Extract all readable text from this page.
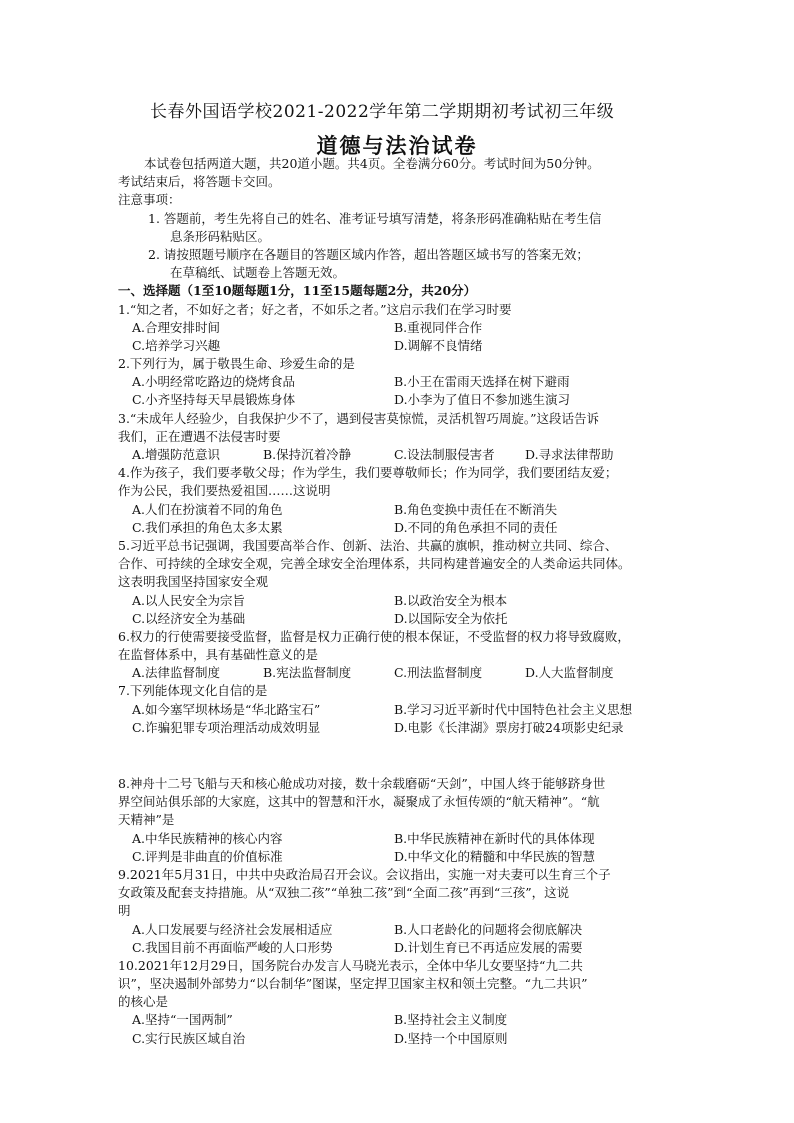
长春外国语学校2021-2022学年第二学期期初考试初三年级
道德与法治试卷
本试卷包括两道大题，共20道小题。共4页。全卷满分60分。考试时间为50分钟。
考试结束后，将答题卡交回。
注意事项：
1. 答题前，考生先将自己的姓名、准考证号填写清楚，将条形码准确粘贴在考生信
息条形码粘贴区。
2. 请按照题号顺序在各题目的答题区域内作答，超出答题区域书写的答案无效；
在草稿纸、试题卷上答题无效。
一、选择题（1至10题每题1分，11至15题每题2分，共20分）
1.“知之者，不如好之者；好之者，不如乐之者。”这启示我们在学习时要
A.合理安排时间	B.重视同伴合作
C.培养学习兴趣	D.调解不良情绪
2.下列行为，属于敬畏生命、珍爱生命的是
A.小明经常吃路边的烧烤食品	B.小王在雷雨天选择在树下避雨
C.小齐坚持每天早晨锻炼身体	D.小李为了值日不参加逃生演习
3.“未成年人经验少，自我保护少不了，遇到侵害莫惊慌，灵活机智巧周旋。”这段话告诉
我们，正在遭遇不法侵害时要
A.增强防范意识	B.保持沉着冷静	C.设法制服侵害者	D.寻求法律帮助
4.作为孩子，我们要孝敬父母；作为学生，我们要尊敬师长；作为同学，我们要团结友爱；
作为公民，我们要热爱祖国……这说明
A.人们在扮演着不同的角色	B.角色变换中责任在不断消失
C.我们承担的角色太多太累	D.不同的角色承担不同的责任
5.习近平总书记强调，我国要高举合作、创新、法治、共赢的旗帜，推动树立共同、综合、
合作、可持续的全球安全观，完善全球安全治理体系，共同构建普遍安全的人类命运共同体。
这表明我国坚持国家安全观
A.以人民安全为宗旨	B.以政治安全为根本
C.以经济安全为基础	D.以国际安全为依托
6.权力的行使需要接受监督，监督是权力正确行使的根本保证，不受监督的权力将导致腐败，
在监督体系中，具有基础性意义的是
A.法律监督制度	B.宪法监督制度	C.刑法监督制度	D.人大监督制度
7.下列能体现文化自信的是
A.如今塞罕坝林场是“华北路宝石”	B.学习习近平新时代中国特色社会主义思想
C.诈骗犯罪专项治理活动成效明显	D.电影《长津湖》票房打破24项影史纪录
8.神舟十二号飞船与天和核心舱成功对接，数十余载磨砺“天剑”，中国人终于能够跻身世
界空间站俱乐部的大家庭，这其中的智慧和汗水，凝聚成了永恒传颂的“航天精神”。“航
天精神”是
A.中华民族精神的核心内容	B.中华民族精神在新时代的具体体现
C.评判是非曲直的价值标准	D.中华文化的精髓和中华民族的智慧
9.2021年5月31日，中共中央政治局召开会议。会议指出，实施一对夫妻可以生育三个子
女政策及配套支持措施。从“双独二孩”“单独二孩”到“全面二孩”再到“三孩”，这说
明
A.人口发展要与经济社会发展相适应	B.人口老龄化的问题将会彻底解决
C.我国目前不再面临严峻的人口形势	D.计划生育已不再适应发展的需要
10.2021年12月29日，国务院台办发言人马晓光表示，全体中华儿女要坚持“九二共
识”，坚决遏制外部势力“以台制华”图谋，坚定捍卫国家主权和领土完整。“九二共识”
的核心是
A.坚持“一国两制”	B.坚持社会主义制度
C.实行民族区域自治	D.坚持一个中国原则
